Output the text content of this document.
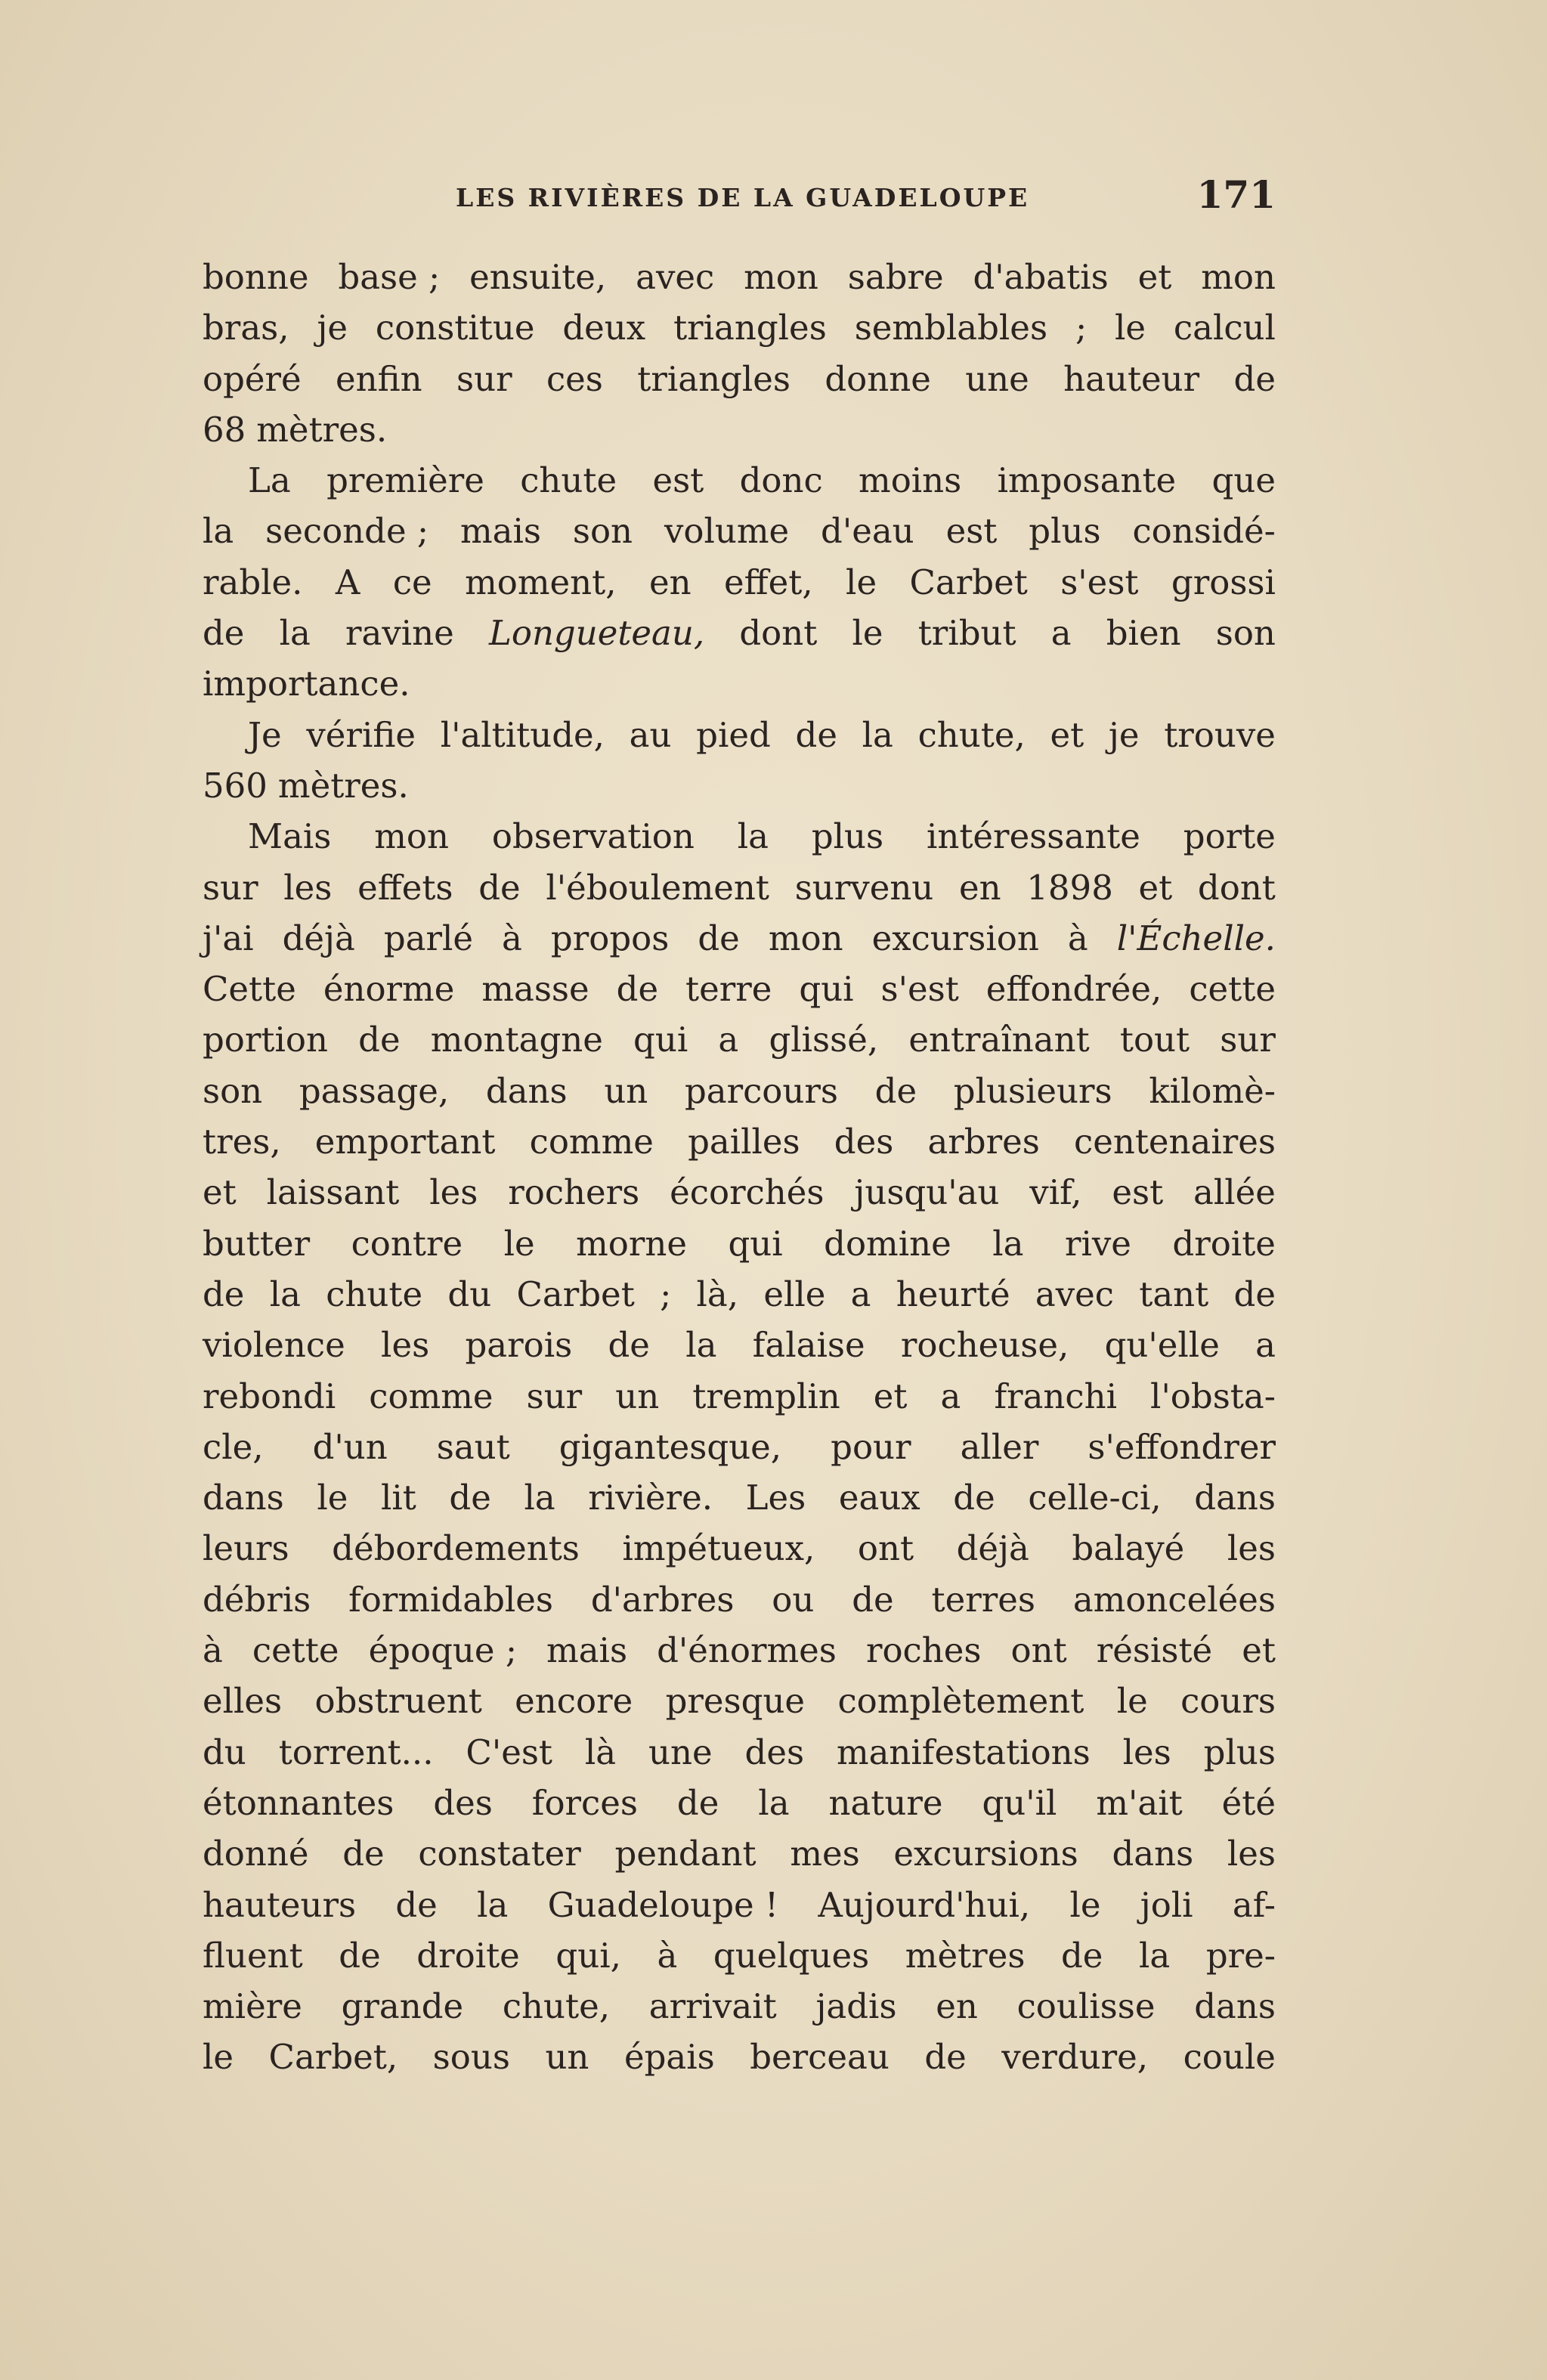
LES RIVIÈRES DE LA GUADELOUPE	171
bonne base ; ensuite, avec mon sabre d'abatis et mon
bras, je constitue deux triangles semblables ; le calcul
opéré enfin sur ces triangles donne une hauteur de
68 mètres.
La première chute est donc moins imposante que
la seconde ; mais son volume d'eau est plus considé-
rable. A ce moment, en effet, le Carbet s'est grossi
de la ravine Longueteau, dont le tribut a bien son
importance.
Je vérifie l'altitude, au pied de la chute, et je trouve
560 mètres.
Mais mon observation la plus intéressante porte
sur les effets de l'éboulement survenu en 1898 et dont
j'ai déjà parlé à propos de mon excursion à l'Échelle.
Cette énorme masse de terre qui s'est effondrée, cette
portion de montagne qui a glissé, entraînant tout sur
son passage, dans un parcours de plusieurs kilomè-
tres, emportant comme pailles des arbres centenaires
et laissant les rochers écorchés jusqu'au vif, est allée
butter contre le morne qui domine la rive droite
de la chute du Carbet ; là, elle a heurté avec tant de
violence les parois de la falaise rocheuse, qu'elle a
rebondi comme sur un tremplin et a franchi l'obsta-
cle, d'un saut gigantesque, pour aller s'effondrer
dans le lit de la rivière. Les eaux de celle-ci, dans
leurs débordements impétueux, ont déjà balayé les
débris formidables d'arbres ou de terres amoncelées
à cette époque ; mais d'énormes roches ont résisté et
elles obstruent encore presque complètement le cours
du torrent... C'est là une des manifestations les plus
étonnantes des forces de la nature qu'il m'ait été
donné de constater pendant mes excursions dans les
hauteurs de la Guadeloupe ! Aujourd'hui, le joli af-
fluent de droite qui, à quelques mètres de la pre-
mière grande chute, arrivait jadis en coulisse dans
le Carbet, sous un épais berceau de verdure, coule
